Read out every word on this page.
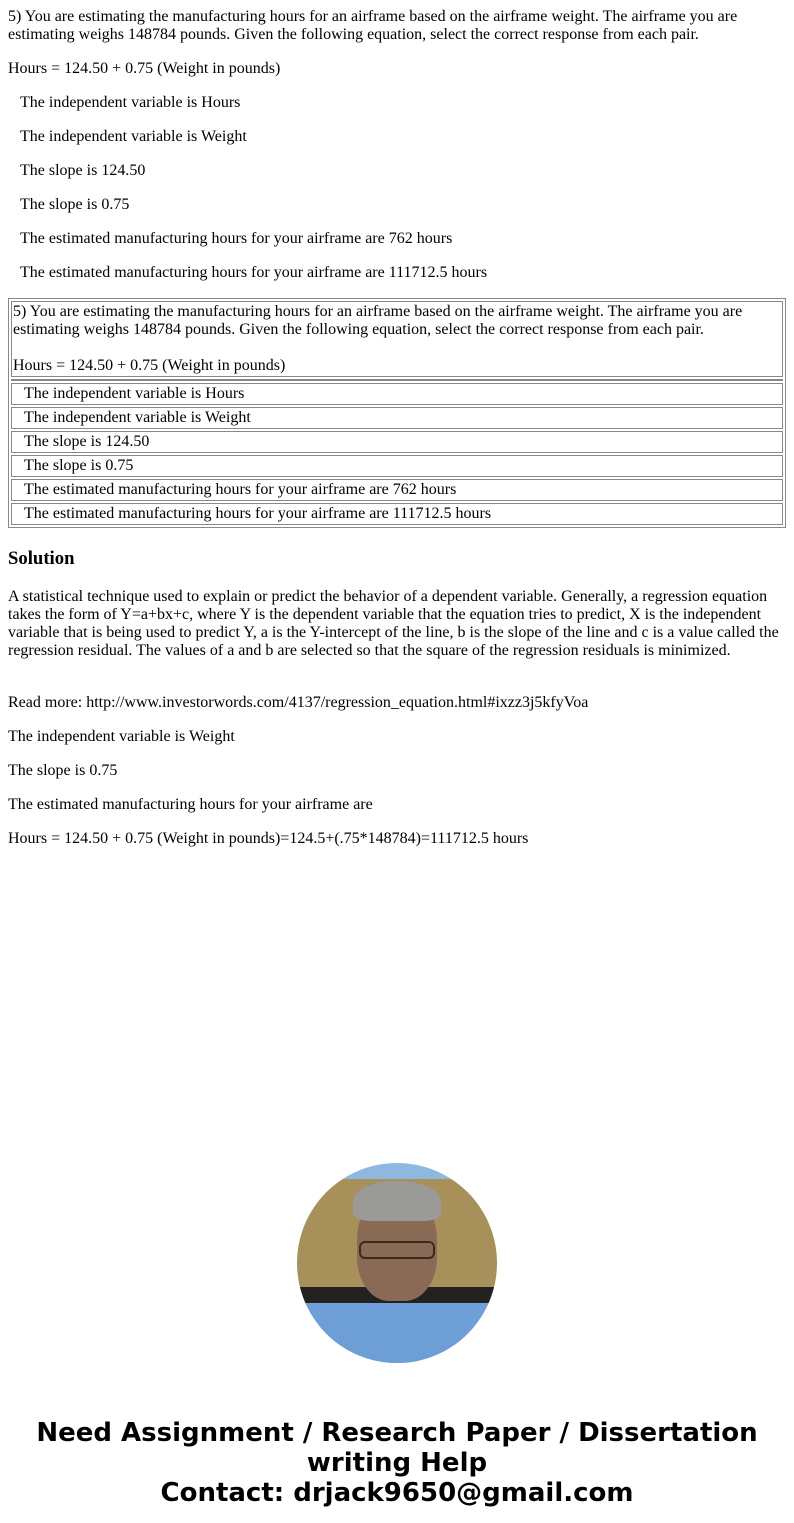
5) You are estimating the manufacturing hours for an airframe based on the airframe weight. The airframe you are estimating weighs 148784 pounds. Given the following equation, select the correct response from each pair.

Hours = 124.50 + 0.75 (Weight in pounds)

The independent variable is Hours

The independent variable is Weight

The slope is 124.50

The slope is 0.75

The estimated manufacturing hours for your airframe are 762 hours

The estimated manufacturing hours for your airframe are 111712.5 hours

5) You are estimating the manufacturing hours for an airframe based on the airframe weight. The airframe you are estimating weighs 148784 pounds. Given the following equation, select the correct response from each pair.

Hours = 124.50 + 0.75 (Weight in pounds)

The independent variable is Hours
The independent variable is Weight
The slope is 124.50
The slope is 0.75
The estimated manufacturing hours for your airframe are 762 hours
The estimated manufacturing hours for your airframe are 111712.5 hours
Solution

A statistical technique used to explain or predict the behavior of a dependent variable. Generally, a regression equation takes the form of Y=a+bx+c, where Y is the dependent variable that the equation tries to predict, X is the independent variable that is being used to predict Y, a is the Y-intercept of the line, b is the slope of the line and c is a value called the regression residual. The values of a and b are selected so that the square of the regression residuals is minimized.

Read more: http://www.investorwords.com/4137/regression_equation.html#ixzz3j5kfyVoa

The independent variable is Weight

The slope is 0.75

The estimated manufacturing hours for your airframe are

Hours = 124.50 + 0.75 (Weight in pounds)=124.5+(.75*148784)=111712.5 hours

Need Assignment / Research Paper / Dissertation writing Help
Contact: drjack9650@gmail.com
